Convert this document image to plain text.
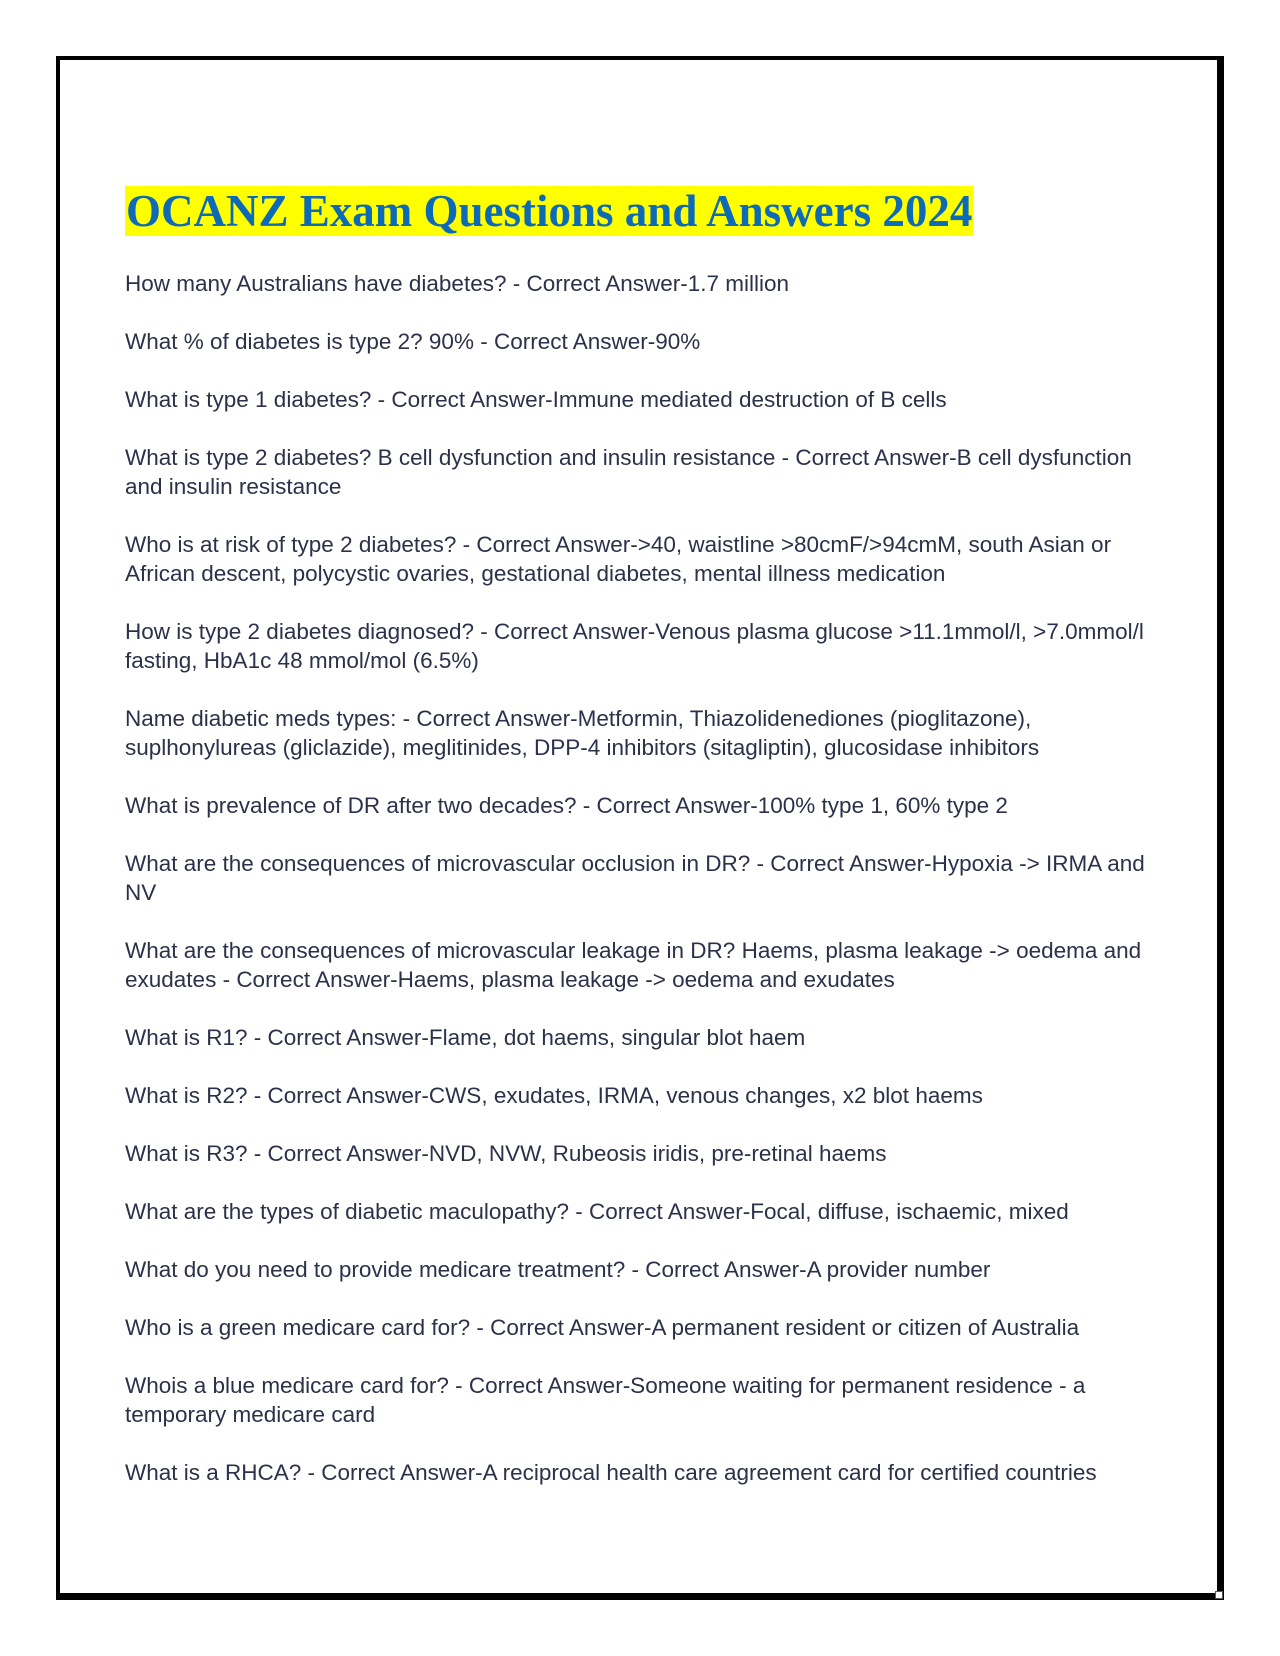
OCANZ Exam Questions and Answers 2024

How many Australians have diabetes? - Correct Answer-1.7 million

What % of diabetes is type 2? 90% - Correct Answer-90%

What is type 1 diabetes? - Correct Answer-Immune mediated destruction of B cells

What is type 2 diabetes? B cell dysfunction and insulin resistance - Correct Answer-B cell dysfunction and insulin resistance

Who is at risk of type 2 diabetes? - Correct Answer->40, waistline >80cmF/>94cmM, south Asian or African descent, polycystic ovaries, gestational diabetes, mental illness medication

How is type 2 diabetes diagnosed? - Correct Answer-Venous plasma glucose >11.1mmol/l, >7.0mmol/l fasting, HbA1c 48 mmol/mol (6.5%)

Name diabetic meds types: - Correct Answer-Metformin, Thiazolidenediones (pioglitazone), suplhonylureas (gliclazide), meglitinides, DPP-4 inhibitors (sitagliptin), glucosidase inhibitors

What is prevalence of DR after two decades? - Correct Answer-100% type 1, 60% type 2

What are the consequences of microvascular occlusion in DR? - Correct Answer-Hypoxia -> IRMA and NV

What are the consequences of microvascular leakage in DR? Haems, plasma leakage -> oedema and exudates - Correct Answer-Haems, plasma leakage -> oedema and exudates

What is R1? - Correct Answer-Flame, dot haems, singular blot haem

What is R2? - Correct Answer-CWS, exudates, IRMA, venous changes, x2 blot haems

What is R3? - Correct Answer-NVD, NVW, Rubeosis iridis, pre-retinal haems

What are the types of diabetic maculopathy? - Correct Answer-Focal, diffuse, ischaemic, mixed

What do you need to provide medicare treatment? - Correct Answer-A provider number

Who is a green medicare card for? - Correct Answer-A permanent resident or citizen of Australia

Whois a blue medicare card for? - Correct Answer-Someone waiting for permanent residence - a temporary medicare card

What is a RHCA? - Correct Answer-A reciprocal health care agreement card for certified countries
